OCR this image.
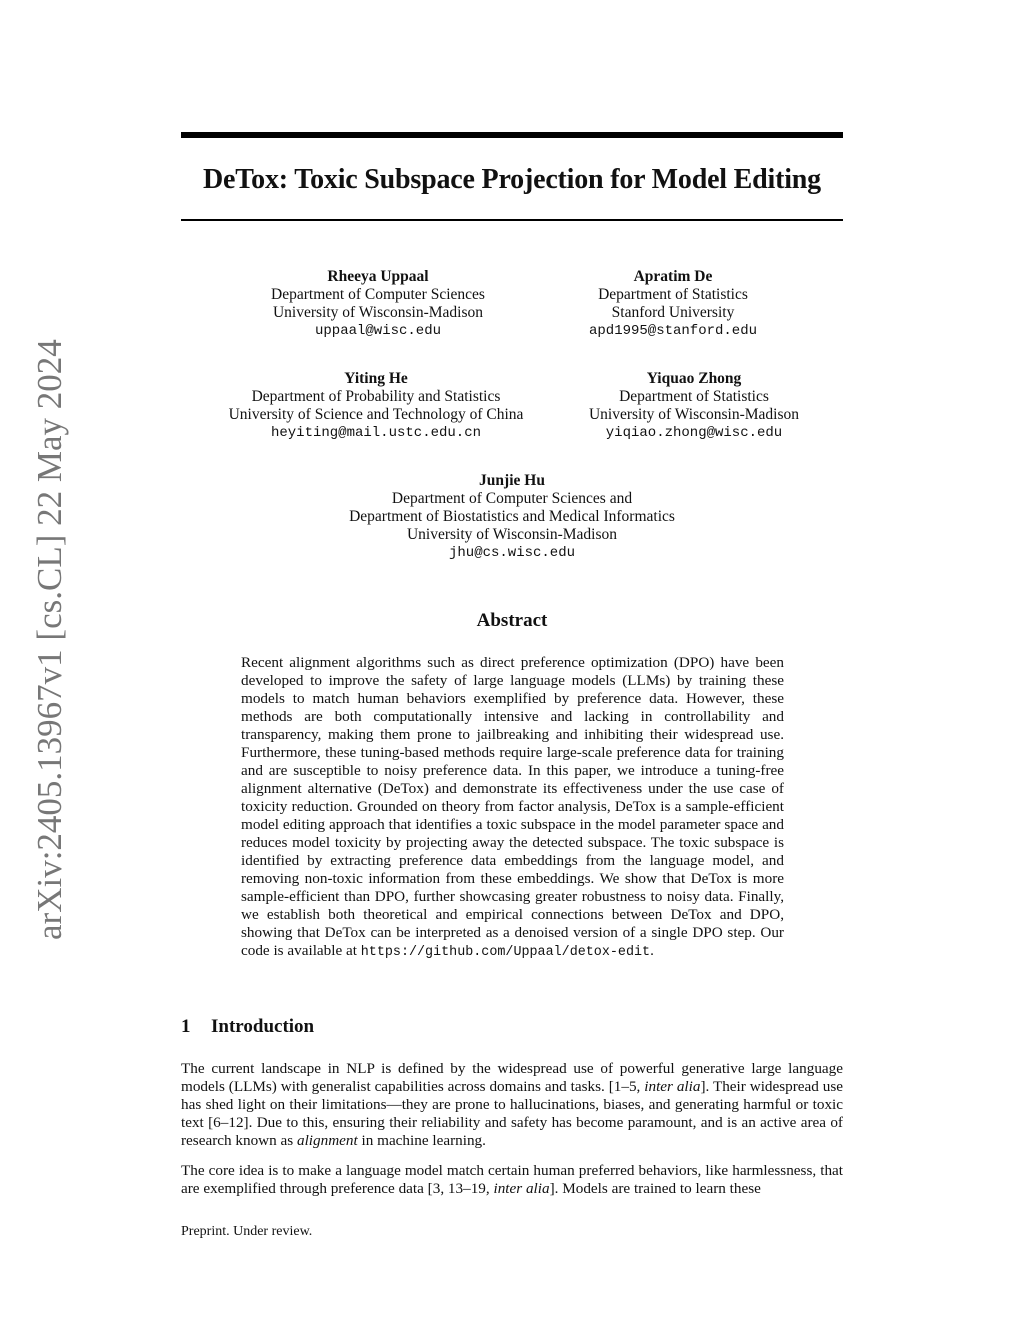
arXiv:2405.13967v1 [cs.CL] 22 May 2024
DeTox: Toxic Subspace Projection for Model Editing
Rheeya Uppaal
Department of Computer Sciences
University of Wisconsin-Madison
uppaal@wisc.edu
Apratim De
Department of Statistics
Stanford University
apd1995@stanford.edu
Yiting He
Department of Probability and Statistics
University of Science and Technology of China
heyiting@mail.ustc.edu.cn
Yiquao Zhong
Department of Statistics
University of Wisconsin-Madison
yiqiao.zhong@wisc.edu
Junjie Hu
Department of Computer Sciences and
Department of Biostatistics and Medical Informatics
University of Wisconsin-Madison
jhu@cs.wisc.edu
Abstract
Recent alignment algorithms such as direct preference optimization (DPO) have been developed to improve the safety of large language models (LLMs) by training these models to match human behaviors exemplified by preference data. However, these methods are both computationally intensive and lacking in controllability and transparency, making them prone to jailbreaking and inhibiting their widespread use. Furthermore, these tuning-based methods require large-scale preference data for training and are susceptible to noisy preference data. In this paper, we introduce a tuning-free alignment alternative (DeTox) and demonstrate its effectiveness under the use case of toxicity reduction. Grounded on theory from factor analysis, DeTox is a sample-efficient model editing approach that identifies a toxic subspace in the model parameter space and reduces model toxicity by projecting away the detected subspace. The toxic subspace is identified by extracting preference data embeddings from the language model, and removing non-toxic information from these embeddings. We show that DeTox is more sample-efficient than DPO, further showcasing greater robustness to noisy data. Finally, we establish both theoretical and empirical connections between DeTox and DPO, showing that DeTox can be interpreted as a denoised version of a single DPO step. Our code is available at https://github.com/Uppaal/detox-edit.
1 Introduction
The current landscape in NLP is defined by the widespread use of powerful generative large language models (LLMs) with generalist capabilities across domains and tasks. [1–5, inter alia]. Their widespread use has shed light on their limitations—they are prone to hallucinations, biases, and generating harmful or toxic text [6–12]. Due to this, ensuring their reliability and safety has become paramount, and is an active area of research known as alignment in machine learning.
The core idea is to make a language model match certain human preferred behaviors, like harmlessness, that are exemplified through preference data [3, 13–19, inter alia]. Models are trained to learn these
Preprint. Under review.
